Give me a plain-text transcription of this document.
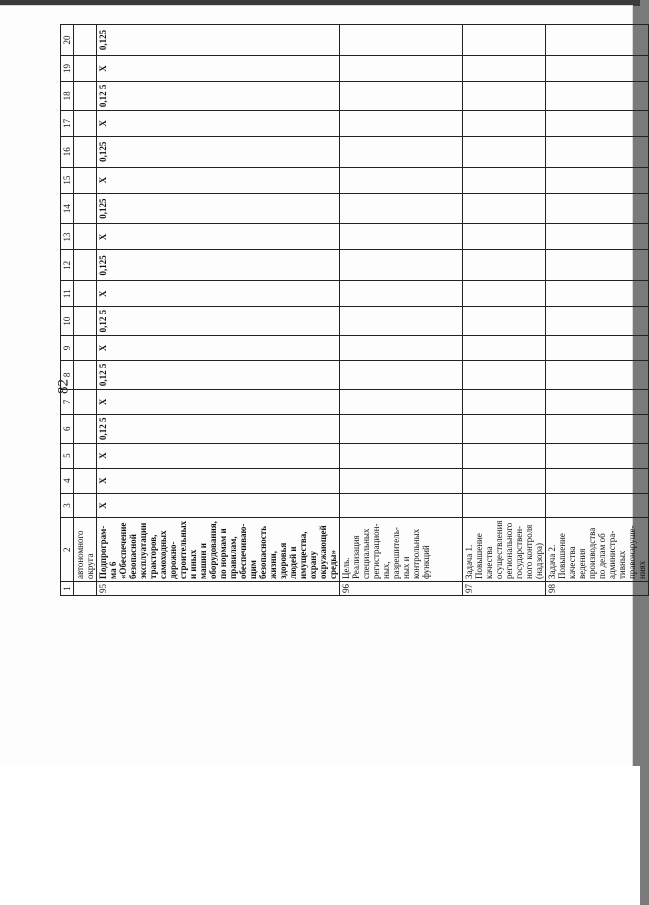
82
1	2	3	4	5	6	7	8	9	10	11	12	13	14	15	16	17	18	19	20
	автономного округа																		
95	Подпрограм-ма 6 «Обеспечение безопасной эксплуатации тракторов, самоходных дорожно-строительных и иных машин и оборудования, по нормам и правилам, обеспечиваю-щим безопасность жизни, здоровья людей и имущества, охрану окружающей среды»	X	X	X	0,12 5	X	0,12 5	X	0,12 5	X	0,125	X	0,125	X	0,125	X	0,12 5	X	0,125
96	Цель. Реализация специальных регистрацион-ных, разрешитель-ных и контрольных функций																		
97	Задача 1. Повышение качества осуществления регионального государствен-ного контроля (надзора)																		
98	Задача 2. Повышение качества ведения производства по делам об администра-тивных правонаруше-ниях																		
